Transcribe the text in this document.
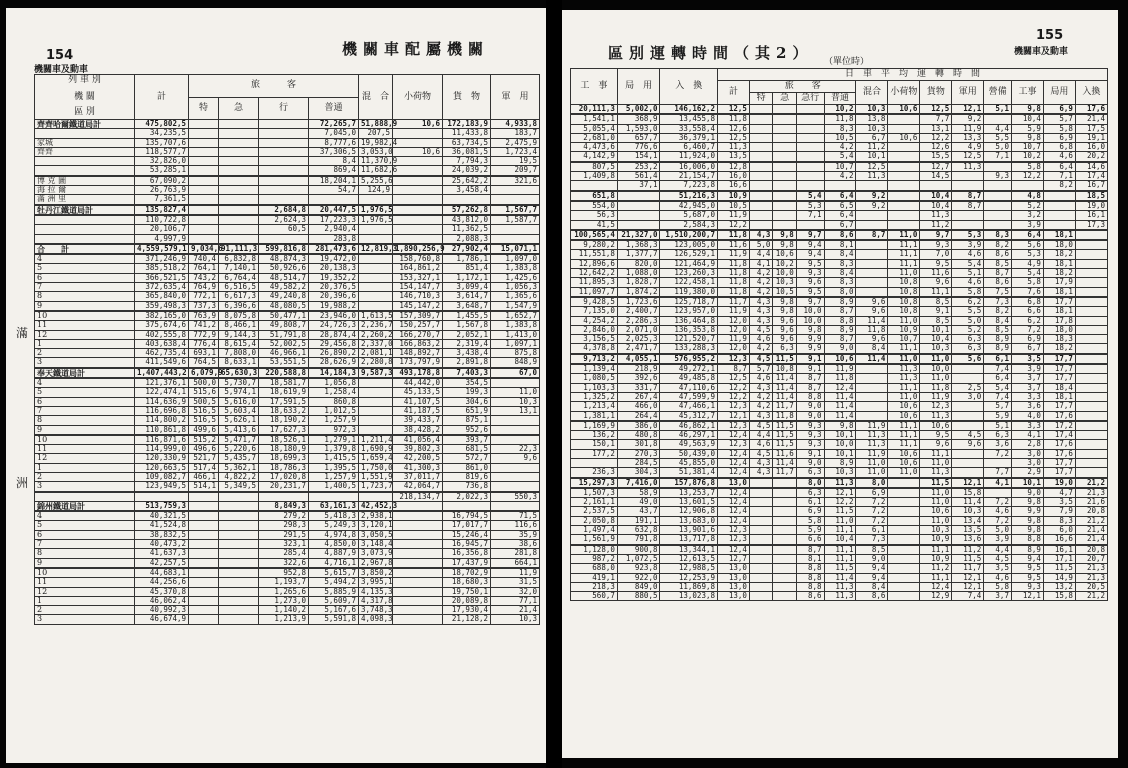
154
機關車及動車
機關車配屬機關
列 車 別
機 關
區 別	計	旅　　　客				混　合	小荷物	貨　物	軍　用
		特	急	行	普通				
齊齊哈爾鐵道局計	475,802,5				72,265,7	51,888,9	10,6	172,183,9	4,933,8
	34,235,5				7,045,0	207,5		11,433,8	183,7
家城	135,707,6				8,777,6	19,982,4		63,734,5	2,475,9
齊齊	118,577,7				37,306,5	3,053,0	10,6	36,081,5	1,723,4
	32,826,0				8,4	11,370,9		7,794,3	19,5
	53,285,1				869,4	11,682,6		24,039,2	209,7

博 克 圖	67,090,2				18,204,1	5,255,6		25,642,2	321,6
海 拉 爾	26,763,9				54,7	124,9		3,458,4	
滿 洲 里	7,361,5								

牡丹江鐵道局計	135,827,4			2,684,8	20,447,5	1,976,5		57,262,8	1,567,7

	110,722,8			2,624,3	17,223,3	1,976,5		43,812,0	1,587,7
	20,106,7			60,5	2,940,4			11,362,5	
	4,997,9				283,8			2,088,3	

合　　計	4,559,579,1	9,034,6	91,111,3	599,816,8	281,473,6	12,819,3	1,890,256,9	27,902,4	15,071,1

4	371,246,9	740,4	6,832,8	48,874,3	19,472,0		158,760,8	1,786,1	1,097,0
5	385,518,2	764,1	7,140,1	50,926,6	20,138,3		164,861,2	851,4	1,383,8
6	366,521,5	743,2	6,764,4	48,514,7	19,352,2		153,327,1	1,172,1	1,425,6
7	372,635,4	764,9	6,516,5	49,582,2	20,376,5		154,147,7	3,099,4	1,056,3
8	365,840,0	772,1	6,617,3	49,240,8	20,396,6		146,710,3	3,614,7	1,365,6
9	359,498,3	737,3	6,396,6	48,080,5	19,988,2		145,147,2	3,648,7	1,547,9

10	382,165,0	763,9	8,075,8	50,477,1	23,946,0	1,613,5	157,309,7	1,455,5	1,652,7
11	375,674,6	741,2	8,466,1	49,808,7	24,726,3	2,236,7	150,257,7	1,567,8	1,383,8
12	402,555,8	772,9	9,144,3	51,791,8	28,874,4	2,260,2	166,270,7	2,052,1	1,413,0
1	403,638,4	776,4	8,615,4	52,002,5	29,456,8	2,337,0	166,863,2	2,319,4	1,097,1
2	462,735,4	693,1	7,808,0	46,966,1	26,890,2	2,081,1	148,892,7	3,438,4	875,8
3	411,549,6	764,5	8,633,1	53,551,5	28,626,9	2,280,8	173,797,9	2,891,8	848,9

奉天鐵道局計	1,407,443,2	6,079,9	65,630,3	220,588,8	14,184,3	9,587,3	493,178,8	7,403,3	67,0

4	121,376,1	500,0	5,730,7	18,581,7	1,056,8		44,442,0	354,5	
5	122,474,1	515,6	5,974,1	18,619,9	1,258,4		45,133,5	199,3	11,0
6	114,636,9	500,5	5,616,0	17,591,5	860,8		41,107,5	304,6	10,3
7	116,696,8	516,5	5,603,4	18,633,2	1,012,5		41,187,5	651,9	13,1
8	114,800,2	516,5	5,626,1	18,190,2	1,257,9		39,433,7	875,1	
9	110,861,8	499,6	5,413,6	17,627,3	972,3		38,428,2	952,6	

10	116,871,6	515,2	5,471,7	18,526,1	1,279,1	1,211,4	41,056,4	393,7	
11	114,999,0	496,6	5,220,6	18,180,9	1,379,8	1,690,9	39,802,3	681,5	22,3
12	120,330,9	521,7	5,435,7	18,699,3	1,415,5	1,659,4	42,200,5	572,7	9,6
1	120,663,5	517,4	5,362,1	18,786,3	1,395,5	1,750,0	41,300,3	861,0	
2	109,082,7	466,1	4,822,2	17,020,8	1,257,9	1,551,9	37,011,7	819,6	
3	123,949,5	514,1	5,349,5	20,231,7	1,400,5	1,723,7	42,064,7	736,8	

							218,134,7	2,022,3	550,3
錦州鐵道局計	513,759,3			8,849,3	63,161,3	42,452,3			

4	40,321,5			279,2	5,418,3	2,938,1		16,794,5	71,5
5	41,524,8			298,3	5,249,3	3,120,1		17,017,7	116,6
6	38,832,5			291,5	4,974,8	3,050,5		15,246,4	35,9
7	40,473,2			323,1	4,850,0	3,148,4		16,945,7	38,6
8	41,637,3			285,4	4,887,9	3,073,9		16,356,8	281,8
9	42,257,5			322,6	4,716,1	2,967,8		17,437,9	664,1

10	44,683,1			952,8	5,615,7	3,850,2		18,702,9	11,9
11	44,256,6			1,193,7	5,494,2	3,995,1		18,680,3	31,5
12	45,370,8			1,265,6	5,885,9	4,135,3		19,750,1	32,0
1	46,062,4			1,273,0	5,609,7	4,317,8		20,089,8	77,1
2	40,992,3			1,140,2	5,167,6	3,748,3		17,930,4	21,4
3	46,674,9			1,213,9	5,591,8	4,098,3		21,128,2	10,3
滿
洲
區別運轉時間（其2） （單位時）
155
機關車及動車
工　事	局　用	入　換	日　車　平　均　運　轉　時　間												
			計	旅　　客				混合	小荷物	貨物	軍用	營備	工事	局用	入換
				特	急	急行	普通								
20,111,3	5,002,0	146,162,2	12,5				10,2	10,3	10,6	12,5	12,1	5,1	9,8	6,9	17,6

1,541,1	368,9	13,455,8	11,8				11,8	13,8		7,7	9,2		10,4	5,7	21,4
5,055,4	1,593,0	33,558,4	12,6				8,3	10,3		13,1	11,9	4,4	5,9	5,8	17,5
2,681,0	657,7	36,379,1	12,5				10,5	6,7	10,6	12,2	13,3	5,5	9,8	6,9	19,1
4,473,6	776,6	6,460,7	11,3				4,2	11,2		12,6	4,9	5,0	10,7	6,8	16,0
4,142,9	154,1	11,924,0	13,5				5,4	10,1		15,5	12,5	7,1	10,2	4,6	20,2

807,5	253,2	16,006,0	12,8				10,7	12,5		12,7	11,3		5,8	6,4	14,6
1,409,8	561,4	21,154,7	16,0				4,2	11,3		14,5		9,3	12,2	7,1	17,4
	37,1	7,223,8	16,6											8,2	16,7

651,8		51,216,3	10,9			5,4	6,4	9,2		10,4	8,7		4,8		18,5

554,0		42,945,0	10,5			5,3	6,5	9,2		10,4	8,7		5,2		19,0
56,3		5,687,0	11,9			7,1	6,4			11,3			3,2		16,1
41,5		2,584,3	12,2				6,7			11,2			3,9		17,3

100,565,4	21,327,0	1,510,200,7	11,8	4,3	9,8	9,7	8,6	8,7	11,0	9,7	5,3	8,3	6,4	18,1	

9,280,2	1,368,3	123,005,0	11,6	5,0	9,8	9,4	8,1		11,1	9,3	3,9	8,2	5,6	18,0	
11,551,8	1,377,7	126,529,1	11,9	4,4	10,6	9,4	8,4		11,1	7,0	4,6	8,6	5,3	18,2	
12,896,6	820,0	121,464,9	11,8	4,1	10,2	9,5	8,3		11,1	9,5	5,4	8,5	4,9	18,1	
12,642,2	1,088,0	123,260,3	11,8	4,2	10,0	9,3	8,4		11,0	11,6	5,1	8,7	5,4	18,2	
11,895,3	1,828,7	122,458,1	11,8	4,2	10,3	9,6	8,3		10,8	9,6	4,6	8,6	5,8	17,9	
11,097,7	1,874,2	119,380,0	11,8	4,2	10,5	9,5	8,0		10,8	11,1	5,8	7,5	7,6	18,1	

9,428,5	1,723,6	125,718,7	11,7	4,3	9,8	9,7	8,9	9,6	10,8	8,5	6,2	7,3	6,8	17,7	
7,135,0	2,400,7	123,957,0	11,9	4,3	9,8	10,0	8,7	9,6	10,8	9,1	5,5	8,2	6,6	18,1	
4,254,2	2,286,3	136,464,8	12,0	4,3	9,6	10,0	8,8	11,4	11,0	8,5	5,0	8,4	6,2	17,8	
2,846,0	2,071,0	136,353,8	12,0	4,5	9,6	9,8	8,9	11,8	10,9	10,1	5,2	8,5	7,2	18,0	
3,156,5	2,025,3	121,520,7	11,9	4,6	9,6	9,9	8,7	9,6	10,7	10,4	6,3	8,9	6,9	18,3	
4,378,8	2,471,7	133,288,3	12,0	4,2	6,3	9,9	9,0	8,4	11,1	10,3	6,3	8,9	6,7	18,2	

9,713,2	4,055,1	576,955,2	12,3	4,5	11,5	9,1	10,6	11,4	11,0	11,0	5,6	6,1	3,5	17,7	

1,139,4	218,9	49,272,1	8,7	5,7	10,8	9,1	11,9		11,3	10,0		7,4	3,9	17,7	
1,080,5	392,6	49,485,8	12,5	4,6	11,4	8,7	11,8		11,3	11,0		6,4	3,7	17,7	
1,103,3	331,7	47,110,6	12,2	4,3	11,4	8,7	12,4		11,1	11,8	2,5	5,4	3,7	18,4	
1,325,2	267,4	47,599,9	12,2	4,2	11,4	8,8	11,4		11,0	11,9	3,0	7,4	3,3	18,1	
1,213,4	466,0	47,466,1	12,3	4,2	11,7	9,0	11,4		10,6	12,3		5,7	3,6	17,7	
1,381,1	264,4	45,312,7	12,1	4,3	11,8	9,0	11,4		10,6	11,3		5,9	4,0	17,6	

1,169,9	386,0	46,862,1	12,3	4,5	11,5	9,3	9,8	11,9	11,1	10,6		5,1	3,3	17,2	
136,2	480,8	46,297,1	12,4	4,4	11,5	9,3	10,1	11,3	11,1	9,5	4,5	6,3	4,1	17,4	
150,1	301,8	49,563,9	12,3	4,6	11,5	9,3	10,0	11,3	11,1	9,6	9,6	3,6	2,8	17,6	
177,2	270,3	50,439,0	12,4	4,5	11,6	9,1	10,1	11,9	10,6	11,1		7,2	3,0	17,6	
	284,5	45,855,0	12,4	4,3	11,4	9,0	8,9	11,0	10,6	11,0			3,0	17,7	
236,3	304,3	51,381,4	12,4	4,3	11,7	6,3	10,3	11,0	11,0	11,3		7,7	2,9	17,7	

15,297,3	7,416,0	157,876,8	13,0			8,0	11,3	8,0		11,5	12,1	4,1	10,1	19,0	21,2

1,507,3	58,9	13,253,7	12,4			6,3	12,1	6,9		11,0	15,8		9,0	4,7	21,3
2,161,1	49,0	13,601,5	12,4			6,1	12,2	7,2		11,0	11,4	7,2	9,8	3,5	21,6
2,537,5	43,7	12,906,8	12,4			6,9	11,5	7,2		10,6	10,3	4,6	9,9	7,9	20,8
2,050,8	191,1	13,683,0	12,4			5,8	11,0	7,2		11,0	13,4	7,2	9,8	8,3	21,2
1,497,4	632,8	13,901,6	12,3			5,9	11,1	6,1		10,3	13,5	5,0	9,8	6,0	21,4
1,561,9	791,8	13,717,8	12,3			6,6	10,4	7,3		10,9	13,6	3,9	8,8	16,6	21,4

1,128,0	900,8	13,344,1	12,4			8,7	11,1	8,5		11,1	11,2	4,4	8,9	16,1	20,8
987,2	1,072,5	12,613,5	12,7			8,1	11,1	9,0		10,9	11,5	4,5	9,4	17,1	20,7
688,0	923,8	12,988,5	13,0			8,8	11,5	9,4		11,2	11,7	3,5	9,5	11,5	21,3
419,1	922,0	12,253,9	13,0			8,8	11,4	9,4		11,1	12,1	4,6	9,5	14,9	21,3
218,3	849,0	11,869,8	13,0			8,8	11,3	8,4		12,4	12,1	5,8	9,3	13,2	20,5
560,7	880,5	13,023,8	13,0			8,6	11,3	8,6		12,9	7,4	3,7	12,1	15,8	21,2
